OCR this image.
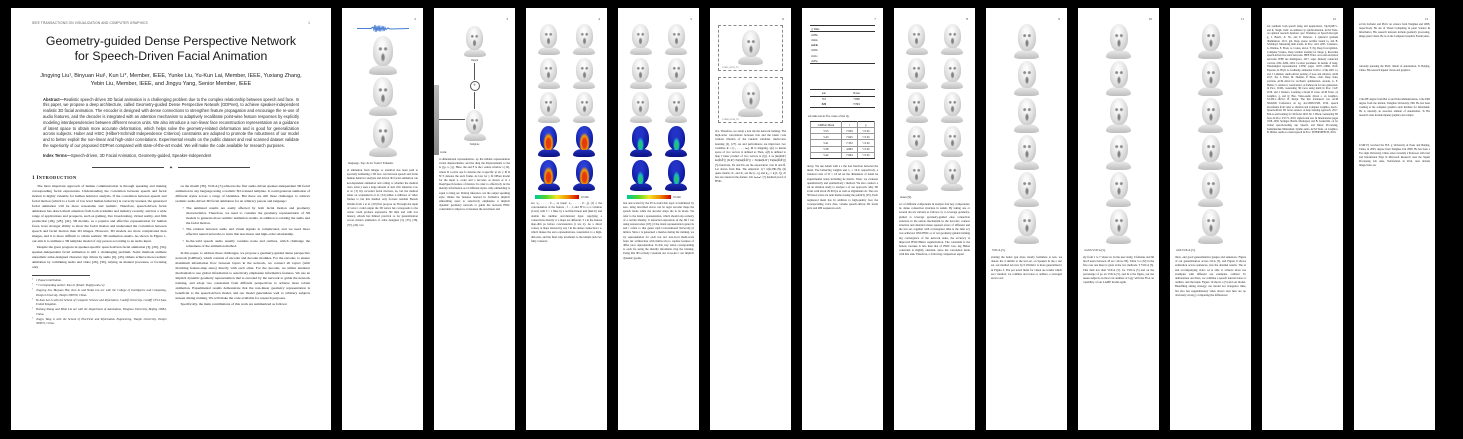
IEEE TRANSACTIONS ON VISUALIZATION AND COMPUTER GRAPHICS	1
Geometry-guided Dense Perspective Network
for Speech-Driven Facial Animation
Jingying Liu¹, Binyuan Hui¹, Kun Li*, Member, IEEE, Yunke Liu, Yu-Kun Lai, Member, IEEE, Yuxiang Zhang, Yebin Liu, Member, IEEE, and Jingyu Yang, Senior Member, IEEE
Abstract—Realistic speech-driven 3D facial animation is a challenging problem due to the complex relationship between speech and face. In this paper, we propose a deep architecture, called Geometry-guided Dense Perspective Network (GDPnet), to achieve speaker-independent realistic 3D facial animation. The encoder is designed with dense connections to strengthen feature propagation and encourage the re-use of audio features, and the decoder is integrated with an attention mechanism to adaptively recalibrate point-wise feature responses by explicitly modeling interdependencies between different neuron units. We also introduce a non-linear face reconstruction representation as a guidance of latent space to obtain more accurate deformation, which helps solve the geometry-related deformation and is good for generalization across subjects. Huber and HSIC (Hilbert-Schmidt Independence Criterion) constraints are adopted to promote the robustness of our model and to better exploit the non-linear and high-order correlations. Experimental results on the public dataset and real scanned dataset validate the superiority of our proposed GDPnet compared with state-of-the-art model. We will make the code available for research purposes.
Index Terms—Speech-driven, 3D Facial Animation, Geometry-guided, Speaker-independent
✦
1 INTRODUCTION

The most important approach of human communication is through speaking and making corresponding facial expressions. Understanding the correlation between speech and facial motion is highly valuable for human behavior analysis. If the correlation between speech and facial motion (which is a form of low level human behavior) is correctly learned, the generated facial animation will be more reasonable and realistic. Therefore, speech-driven facial animation has drawn much attention from both academia and industry recently, and has a wide range of applications and prospects, such as gaming, live broadcasting, virtual reality, and film production [26], [28], [42]. 3D models, as a popular and effective representation for human faces, have stronger ability to show the facial motion and understand the correlation between speech and facial motion than 2D images. However, 3D models are more complicated than images, and it is more difficult to obtain realistic 3D animation results. As shown in Figure 1, our aim is to animate a 3D template model of any person according to an audio input.

Despite the great progress in speaker-specific speech-driven facial animation [3], [20], [34], speaker-independent facial animation is still a challenging problem. Some methods animate unrealistic artist-designed character rigs driven by audio [6], [43]. Others achieve more realistic animation by combining audio and video [26], [30], relying on manual processes, or focusing only

• 1 Equal contribution.
• * Corresponding author: Kun Li (Email: lik@tju.edu.cn)
• Jingying Liu, Binyuan Hui, Kun Li and Yunke Liu are with the College of Intelligence and Computing, Tianjin University, Tianjin 300350, China.
• Yu-Kun Lai is with the School of Computer Science and Informatics, Cardiff University, Cardiff CF24 3AA, United Kingdom.
• Yuxiang Zhang and Yebin Liu are with the Department of Automation, Tsinghua University, Beijing 10084, China.
• Jingyu Yang is with the School of Electrical and Information Engineering, Tianjin University, Tianjin 300072, China.

on the mouth [36]. VOCA [5] achieves the first audio-driven speaker-independent 3D facial animation in any language using a realistic 3D scanned template. It could generate animation of different styles across a range of identities. But there are still three challenges to achieve realistic audio-driven 3D facial animation for an arbitrary person and language:

• The animated results are easily affected by both facial motion and geometry characteristics. Therefore, we need to consider the geometry representation of 3D models to generate more realistic animation results, in addition to relating the audio and the facial motion.
• The relation between audio and visual signals is complicated, and we need more effective neural networks to learn this non-linear and high-order relationship.
• In-the-wild speech audio usually contains noise and outliers, which challenge the robustness of the animation method.

In this paper, to address these challenges, we propose a geometry-guided dense perspective network (GDPnet), which consists of encoder and decoder modules. For the encoder, to ensure maximum information flow between layers in the network, we connect all layers (with matching feature-map sizes) directly with each other. For the decoder, we utilize attention mechanism to use global information to selectively emphasize informative features. We use an implicit dynamic geometry representation that is encoded by the network to guide the network training, and adopt two constraints from different perspectives to achieve more robust animation. Experimental results demonstrate that the non-linear geometry representation is beneficial to the speech-driven model, and our model generalizes well to arbitrary subjects unseen during training. We will make the code available for research purposes.

Specifically, the main contributions of this work are summarized as follows:

2
language. Top: Actor from rt Einstein.
al animation from images or attention has been paid to specially animating a 3D face. ion between speech and facial human behavior analysis and driven 3D facial animation can ker-dependent animation and ording to whether the method cters. ation y uses a large amount of data cific situation. Cao et al. [3] lity recorded facial motions, ns, but the method relies on wapanakorn et al. [34] utilize n millions of video frames to but this method only focuses resident Barack Obama from s et al. [20] first propose an Through the input of voice t could output the 3D vertex hat corresponds to the center could produce expressive 3D time and with low latency. ethods has limited practical ce for generalization across mation animation of artist designed [3], [35], [36], [37], [43]. Liu
3
Output
+
Template
work.
w-dimensional representation. ap the hidden representation vertex displacements, and the ding the displacements to the ts {(p, x, y)}. Here, the and F is the t eature window s [12], where D n extra one fo denotes the ct-specific pr sh. y ∈ R N×3 denotes the each frame. At last, let y ∈ DPnet model for the input x. coder and a decoder, as shown er is a DeepSpeech feature of mation. In order to effectively de the identity information as rd different styles. ntity embedding is equal to ining set. During inference, urs the output speaking style. mbine the features learned in formative implicit embedding ayers to selectively emphasize n implicit dynamic geometry network to guide the network HSIC constraints to improve er measure the non-linear and
4
10 mm
ers, x₀, . . . , xᶠ₋₁, as input: x₁, . . . , xᶠ₋₁]), (1) o the concatenation of the feature , f − 1, and Hᶠ is a co volution (Conv) with 3 × 1 filter by a rectified linear unit (ReLU) and double the number onvolutional layer. Applying e connections directly w e maps are different. T s in the feature map-dim ps before concatenation (i ure 2). As a direct conseq re maps learned by any l m the dense connection r e, which makes the enco epresentations. resentation to a high-dim ents, and the final outp lacements to the templa tack two fully connecte
5
10 mm
lata and scaled by the PCA stand this layer is initialized by zero. ining described above can be regar encoder maps the speech mode while the decoder maps the la sh mode. We refer to the latent r epresentation, which should exp eometry of a certain identity. It nstructed expression in the 3D f ion using autoencoders [18], [2 the latent representation gener rk and r refers to that gener raph Convolutional Network) [2 inition. Since r is generated o metries during the training, we try representation for each trai ract non-local multi-scale featu der architecture with multi-colu to capture features of differ pace representation. In this way tation corresponding to each fra using the identity informatio ring the training. Using this 3D ectively constrain our cross-mo t our implicit dynamic geome
6
170811_00275_TA
170809_00138_TA
tics. Therefore, we adopt a non ide the network training. The high-order correlations between tion and the latent code without ribution of the random variables. multi-view learning [2], [27]. As and performance are improved. two variables R = [r₁, . . . , rₘ], M is mapping, φ(r) to kernel space of two vectors is defined as Then, φ(r̂) is defined to map r̂ inner product of two vectors is (r̂ⱼ)⟩. d as [kʀ(R,R′) kʀ(R̂,R̂′)] (R,R′) Eʀ[kʀ(R̂,R̂′)] = Eʀ[kʀ(R,R′) Eʀ[kʀ(R̂,R̂′)]] (5) functions, Eʀ and Eʀ are the expectation over R and R̂. Let drawn from Pʀʀ. The empirical 1)⁻² tr(K₁HK₂H), (6) quare matrix. K₁ and K₂ are the (rᵢ, rⱼ) and k₂ᵢⱼ = k₂(r̂ᵢ, r̂ⱼ), ch has zero mean in the feature 1/m 1ₘ1ₘᵀ. (7) detailed proof of HSIC.
7
g Time
m58s
m24s
m14s
m50s
m11s
m35s
ean	Noise
701	7.890
520	7.721
ed rank test in five cases of the dy.
GDPnet Mean	t	p
5.55	7.959	< 0.01
5.43	7.645	< 0.01
5.41	7.332	< 0.01
5.38	4.863	< 0.01
5.42	7.664	< 0.01
decay. We use Adam with a s the loss function between the mesh. The balancing weights and λ₂ = 10.0, respectively. a windows size of W = 16 nd set the dimension of latent he experimental setup including he metric. Then, we evaluate quantitatively and qualitatively t method. We also conduct a rm an ablation study to analyze s of our approach. ality 3D scans with about 29 60 fps as well as alignments ck. The raw 3D head scans are nent method using the publicly [25]. Each registered mesh has In addition to high-quality face the corresponding voice data, valuate speech-driven 3D facial jects and 480 sequences each
8
ataset [9].
act of different components in analyze four key components: nt, dense connection structure in anism. By taking one or several ain six variants as follows: ts; to leverage geometry-guided to leverage geometry-guided ense connection structure in the ention mechanism in the decoder; connect structure and attention mean squared errors of different and the test set, together with convergence time is the time acy was achieved. With HSIC or of our geometry-guided training ing convergence of the network sides, the accuracy is improved HSIC/Huber regularization. The constraint is the fastest, because is less than that of HSIC loss. ing Huber constraint is slightly onstraint, since the correlation istent with this task. Therefore, e following comparison experi
9
VOCA [5].
strating the better gen more clearly formulate st sets, we denote the d similar to the test set. on Speaker in the e test set, our method nd error by 0.181mm t is more generalized n in Figure 3. The per ucted mesh for visual ate results which are r method, we combine ural noise or outliers, e averaged errors over
10
d with VOCA [5].
ely from 1 to 7 where nt. In the user study, 6 females and 66 ma 8 users between 18 an r above 60). Table 3 e [32] in the five case ans there is great si the two methods. T VOCA [5]. This dem nce than VOCA [5]. for VOCA [5] and ou the percentage of po an VOCA [5], and th n the figure, our me nseen subjects an thod can animate ar logy with the FLA on capability of our LAME model again
11
with VOCA [5].
tliers, and good generalization guages and sentences. Figure of our generalization across OCA [5], and Figure 9 shows eralization across sentences. ives the detailed results. The er and accompanying video od is able to achieve more ese examples with different ese examples. outliers: To demonstrate our tliers, we combine a speech natural noise or outliers, and the input. Figure 10 shows a [5] and our model. Benefiting aining strategy, our model not nvergence time, but also has supplementary video shows sion here are no obviously wrong y comparing the differences
12
ion synthesis from speech using and Applications, 74(22):9871– and K. Singh. JALI: an animator ip synchronization. ACM Trans. on ognition research database: spec Workshop on Speech Recogni g, I. Busch, X. Yu, and P. Debevec. d spherical gradient illumination. 2011. gin. Deep sparse rectifier neural la, and B. Schölkopf. Measuring midt norms. In Proc. ALT, 2005. Catanzaro, G. Diamos, E. Elsen, A. Coates, and A. Y. Ng. Deep h recognition. Computer Science, Deep residual learning for image g. Real-time speech-driven face eural networks. IEEE Trans. on te-and-excitation networks. IEEE ine Intelligence, 2017. erger. Densely connected convolu 2261–2269, 2016. location parameter. In Annals of hang. Disentangled representation CVPR, pages 11957–11966, 2019. Esposito, R. Bryll, A. Godineity, animation. In Proc. of the 2001 va, and J. Lehtinen. Audio-driven earning of pose and emotion. ACM 2017. Xu, I. Thies, M. Nießner, P. Pérez, obalt. Deep video portraits. ACM ethod for stochastic optimization. averens, G. E. Henter, S. Alexan n. Gesticulator: A framework for ture generation. In Proc. ICML, Generating 3D faces using multi In Proc. CGF, 2019. and J. Romero. Learning a model D scans. ACM Trans. on Graphics, g, and Q. Huo. Video-audio driven s. on Graphics, 34:182:1–182:10, B. Kleijn. The hsic bottleneck: ion. ACM SIGKDD Conference on ng, abs/1908.01580, 2019. speech movements from video to alization and Computer Graphics, rkovic. Speech-driven 3D facial earance: A deep learning approach. 2017. End-to-end learning for 3D facial 2018. M. J. Black. Generating 3D faces In Proc. ECCV, 2018. signed-rank test. In International pages 1658–1659. Springer, Berlin, Moubayed, and B. Granström. on for virtual speech-reading sup Speech, and Music Processing, Kemelmacher-Shlizerman. Synthe audio. ACM Trans. on Graphics, B. Milner. Audio-to-visual speech In Proc. INTERSPEECH, 2016.
13
ed his bachelor and Ph.D. ter science from Tsinghua and 2008, respectively. He der of Visual Computing in puter Science & Informatics. His research interests include geometry processing, image puter vision. He is on the Computer Graphics Forum puter.
currently pursuing the Ph.D. rtment of Automation, Ts Beijing, China. His research mputer vision and graphics.
d the BE degree from Bei ts and Telecommunications, d the PhD degree from the mation, Tsinghua University, 009. He has been working at the computer graphics anck Institute for Informatik. He is currently an associate artment of Automation, Ts His research areas include mputer graphics and compu
0-SM'17) received the B.E. g University of Posts and Beijing, China, in 2003, degree from Tsinghua Uni 2008. He has been a Fac anjin University, China, since currently a Professor with rical and Information Engi th Microsoft Research Asia the Signal Processing Lab anne, Switzerland, in 2012, rests include image/video on.
